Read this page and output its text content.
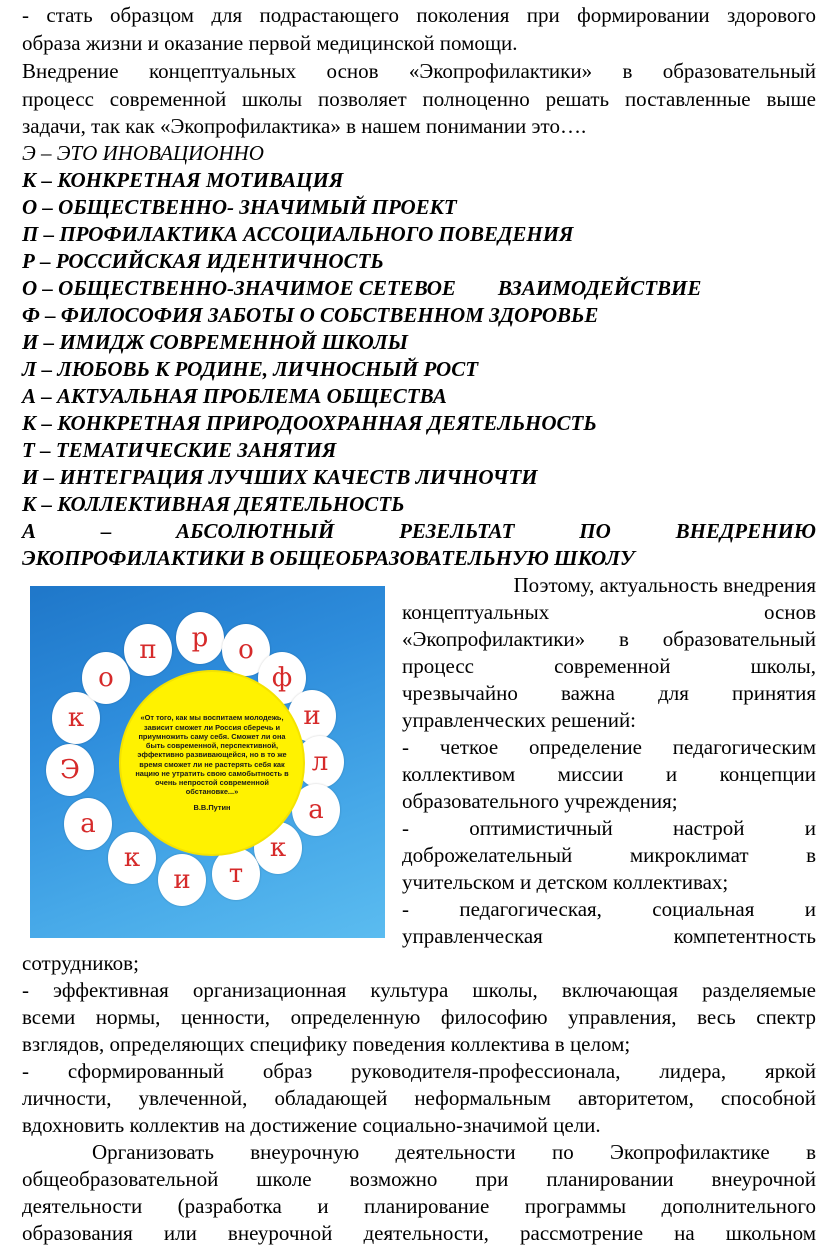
- стать образцом для подрастающего поколения при формировании здорового
образа жизни и оказание первой медицинской помощи.
Внедрение концептуальных основ «Экопрофилактики» в образовательный
процесс современной школы позволяет полноценно решать поставленные выше
задачи, так как «Экопрофилактика» в нашем понимании это….
Э – ЭТО ИНОВАЦИОННО
К – КОНКРЕТНАЯ МОТИВАЦИЯ
О – ОБЩЕСТВЕННО- ЗНАЧИМЫЙ ПРОЕКТ
П – ПРОФИЛАКТИКА АССОЦИАЛЬНОГО ПОВЕДЕНИЯ
Р – РОССИЙСКАЯ ИДЕНТИЧНОСТЬ
О – ОБЩЕСТВЕННО-ЗНАЧИМОЕ СЕТЕВОЕ        ВЗАИМОДЕЙСТВИЕ
Ф – ФИЛОСОФИЯ ЗАБОТЫ О СОБСТВЕННОМ ЗДОРОВЬЕ
И – ИМИДЖ СОВРЕМЕННОЙ ШКОЛЫ
Л – ЛЮБОВЬ К РОДИНЕ, ЛИЧНОСНЫЙ РОСТ
А – АКТУАЛЬНАЯ ПРОБЛЕМА ОБЩЕСТВА
К – КОНКРЕТНАЯ ПРИРОДООХРАННАЯ ДЕЯТЕЛЬНОСТЬ
Т – ТЕМАТИЧЕСКИЕ ЗАНЯТИЯ
И – ИНТЕГРАЦИЯ ЛУЧШИХ КАЧЕСТВ ЛИЧНОЧТИ
К – КОЛЛЕКТИВНАЯ ДЕЯТЕЛЬНОСТЬ
А – АБСОЛЮТНЫЙ РЕЗЕЛЬТАТ ПО ВНЕДРЕНИЮ
ЭКОПРОФИЛАКТИКИ В ОБЩЕОБРАЗОВАТЕЛЬНУЮ ШКОЛУ
п	р	о
ф
и
л
а
к
т
и
к
а
Э
к
о
«От того, как мы воспитаем молодежь, зависит сможет ли Россия сберечь и приумножить саму себя. Сможет ли она быть современной, перспективной, эффективно развивающейся, но в то же время сможет ли не растерять себя как нацию не утратить свою самобытность в очень непростой современной обстановке...»
В.В.Путин
Поэтому, актуальность внедрения
концептуальных основ
«Экопрофилактики» в образовательный
процесс современной школы,
чрезвычайно важна для принятия
управленческих решений:
- четкое определение педагогическим
коллективом миссии и концепции
образовательного учреждения;
- оптимистичный настрой и
доброжелательный микроклимат в
учительском и детском коллективах;
- педагогическая, социальная и
управленческая компетентность
сотрудников;
- эффективная организационная культура школы, включающая разделяемые
всеми нормы, ценности, определенную философию управления, весь спектр
взглядов, определяющих специфику поведения коллектива в целом;
- сформированный образ руководителя-профессионала, лидера, яркой
личности, увлеченной, обладающей неформальным авторитетом, способной
вдохновить коллектив на достижение социально-значимой цели.
Организовать внеурочную деятельности по Экопрофилактике в
общеобразовательной школе возможно при планировании внеурочной
деятельности (разработка и планирование программы дополнительного
образования или внеурочной деятельности, рассмотрение на школьном
